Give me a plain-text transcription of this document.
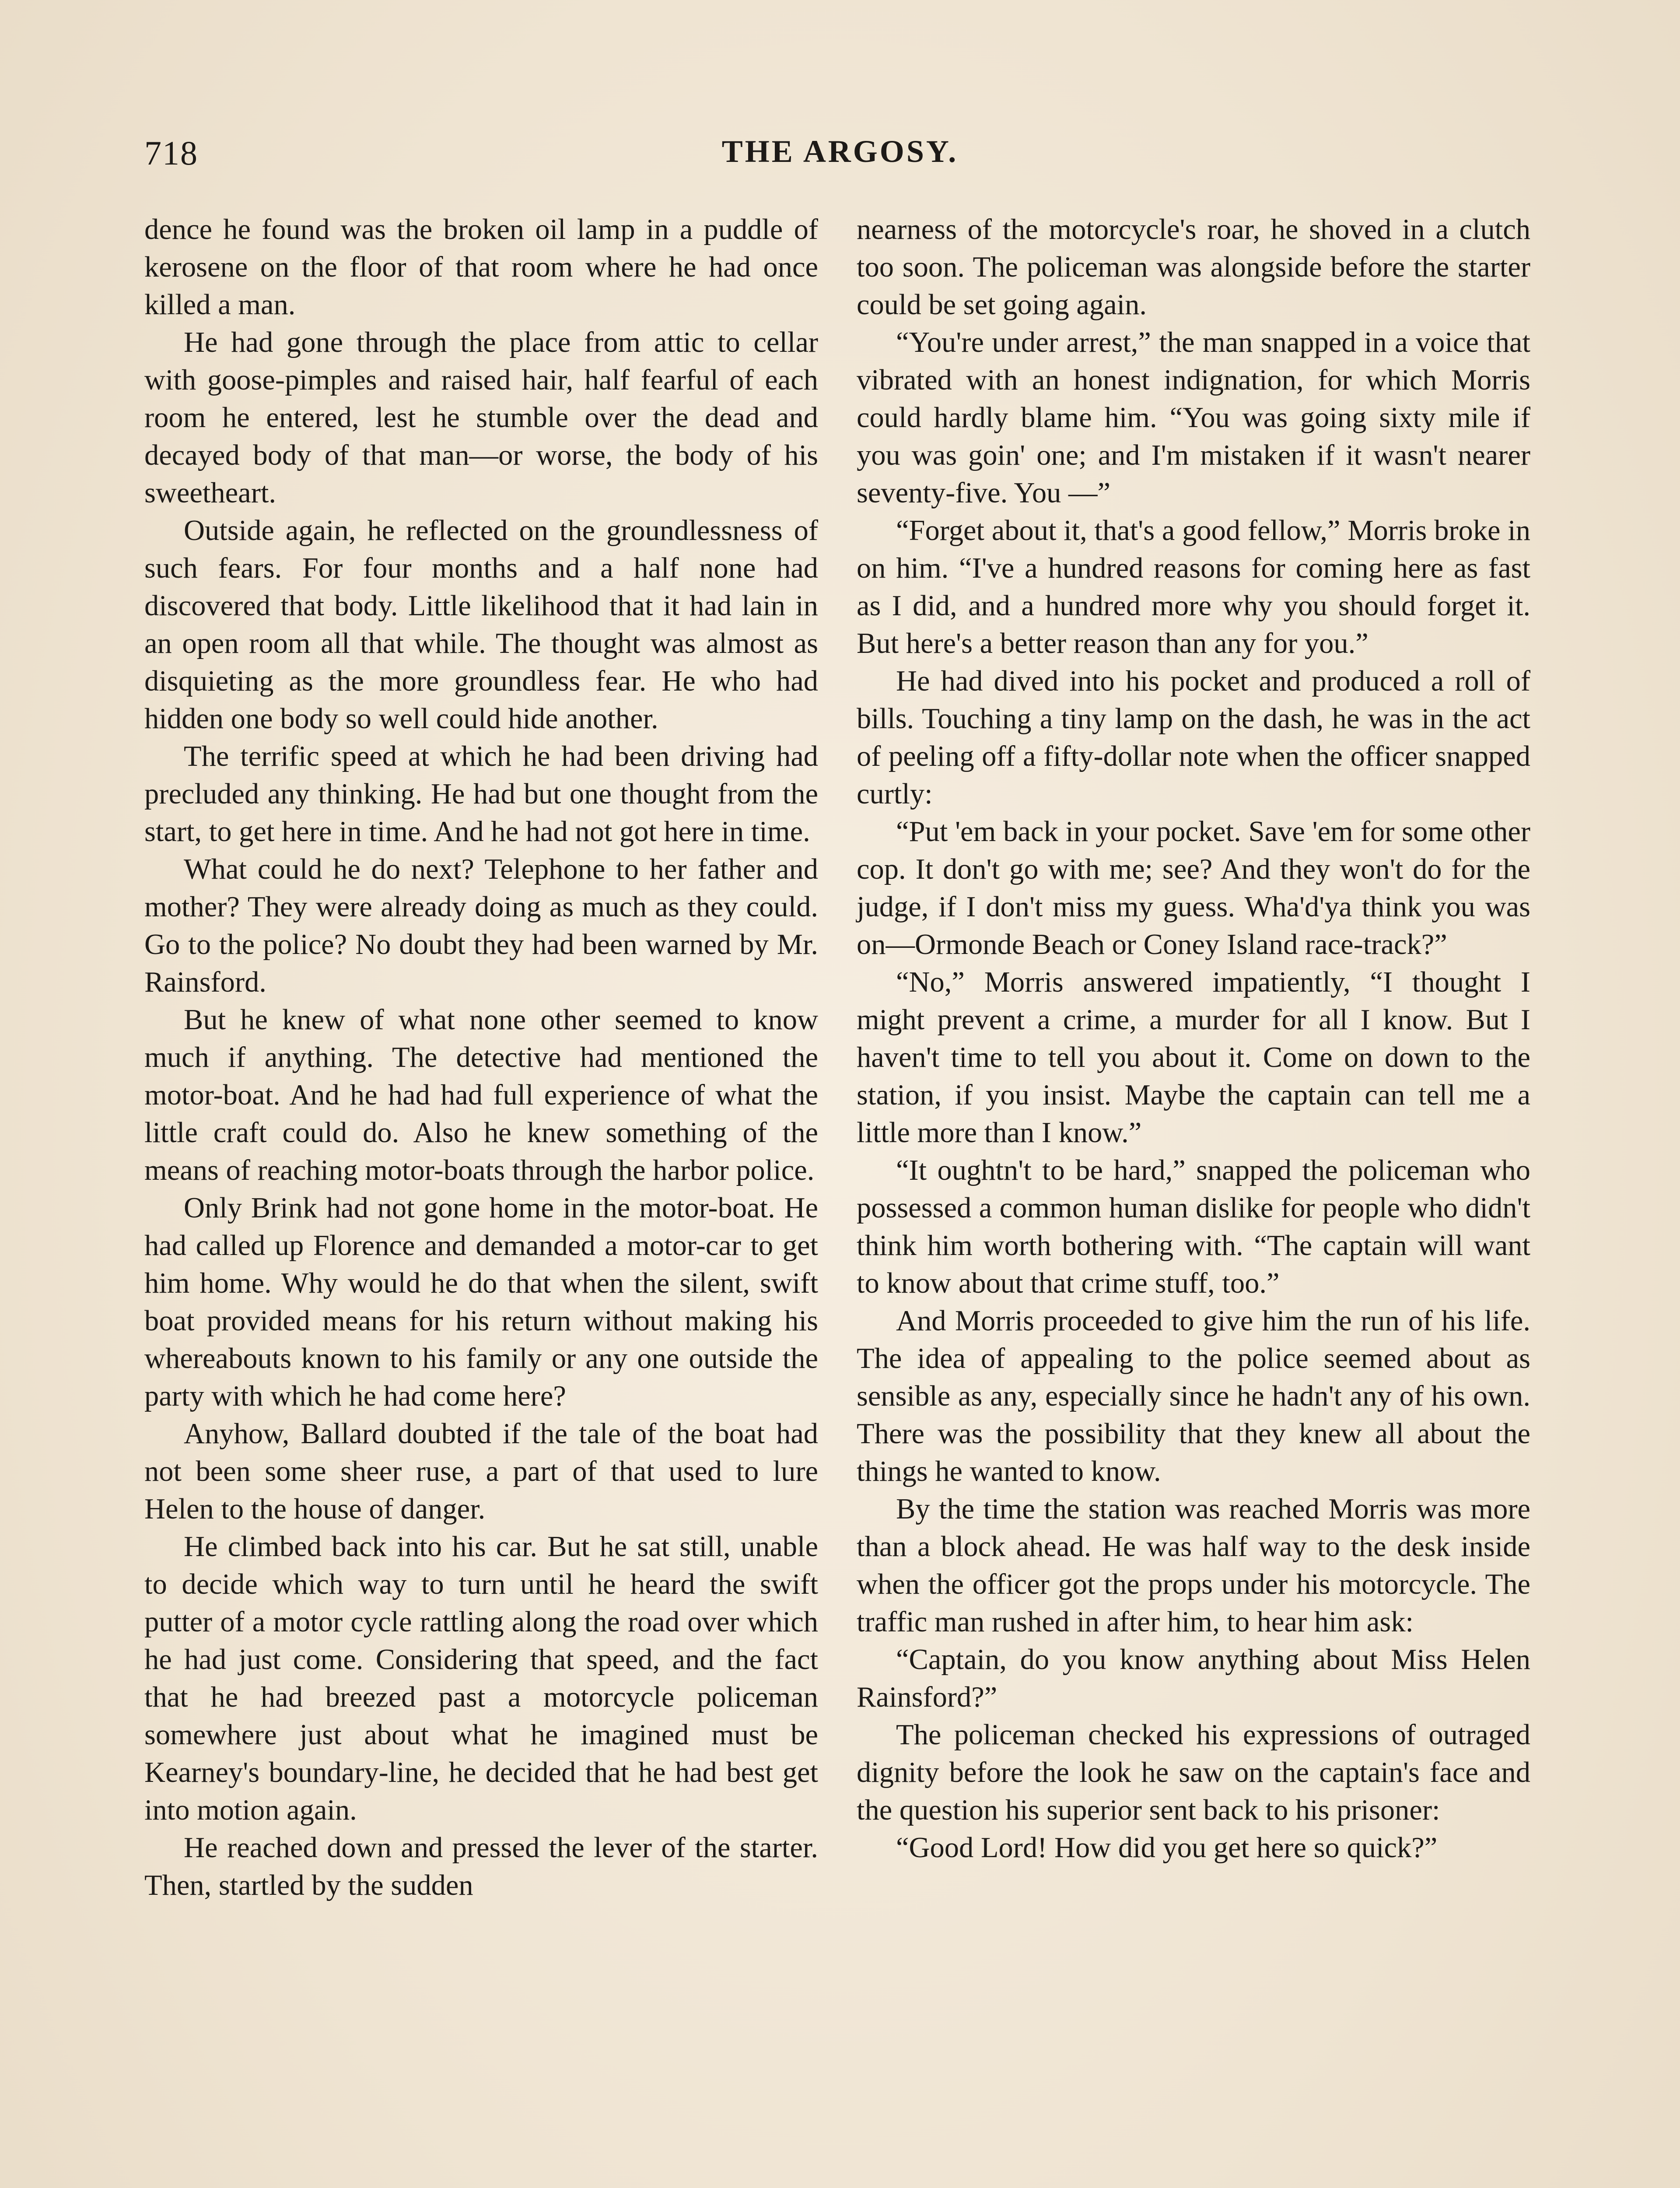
718	THE ARGOSY.

dence he found was the broken oil lamp in a puddle of kerosene on the floor of that room where he had once killed a man.

He had gone through the place from attic to cellar with goose-pimples and raised hair, half fearful of each room he entered, lest he stumble over the dead and decayed body of that man—or worse, the body of his sweetheart.

Outside again, he reflected on the groundlessness of such fears. For four months and a half none had discovered that body. Little likelihood that it had lain in an open room all that while. The thought was almost as disquieting as the more groundless fear. He who had hidden one body so well could hide another.

The terrific speed at which he had been driving had precluded any thinking. He had but one thought from the start, to get here in time. And he had not got here in time.

What could he do next? Telephone to her father and mother? They were already doing as much as they could. Go to the police? No doubt they had been warned by Mr. Rainsford.

But he knew of what none other seemed to know much if anything. The detective had mentioned the motor-boat. And he had had full experience of what the little craft could do. Also he knew something of the means of reaching motor-boats through the harbor police.

Only Brink had not gone home in the motor-boat. He had called up Florence and demanded a motor-car to get him home. Why would he do that when the silent, swift boat provided means for his return without making his whereabouts known to his family or any one outside the party with which he had come here?

Anyhow, Ballard doubted if the tale of the boat had not been some sheer ruse, a part of that used to lure Helen to the house of danger.

He climbed back into his car. But he sat still, unable to decide which way to turn until he heard the swift putter of a motor cycle rattling along the road over which he had just come. Considering that speed, and the fact that he had breezed past a motorcycle policeman somewhere just about what he imagined must be Kearney's boundary-line, he decided that he had best get into motion again.

He reached down and pressed the lever of the starter. Then, startled by the sudden

nearness of the motorcycle's roar, he shoved in a clutch too soon. The policeman was alongside before the starter could be set going again.

“You're under arrest,” the man snapped in a voice that vibrated with an honest indignation, for which Morris could hardly blame him. “You was going sixty mile if you was goin' one; and I'm mistaken if it wasn't nearer seventy-five. You —”

“Forget about it, that's a good fellow,” Morris broke in on him. “I've a hundred reasons for coming here as fast as I did, and a hundred more why you should forget it. But here's a better reason than any for you.”

He had dived into his pocket and produced a roll of bills. Touching a tiny lamp on the dash, he was in the act of peeling off a fifty-dollar note when the officer snapped curtly:

“Put 'em back in your pocket. Save 'em for some other cop. It don't go with me; see? And they won't do for the judge, if I don't miss my guess. Wha'd'ya think you was on—Ormonde Beach or Coney Island race-track?”

“No,” Morris answered impatiently, “I thought I might prevent a crime, a murder for all I know. But I haven't time to tell you about it. Come on down to the station, if you insist. Maybe the captain can tell me a little more than I know.”

“It oughtn't to be hard,” snapped the policeman who possessed a common human dislike for people who didn't think him worth bothering with. “The captain will want to know about that crime stuff, too.”

And Morris proceeded to give him the run of his life. The idea of appealing to the police seemed about as sensible as any, especially since he hadn't any of his own. There was the possibility that they knew all about the things he wanted to know.

By the time the station was reached Morris was more than a block ahead. He was half way to the desk inside when the officer got the props under his motorcycle. The traffic man rushed in after him, to hear him ask:

“Captain, do you know anything about Miss Helen Rainsford?”

The policeman checked his expressions of outraged dignity before the look he saw on the captain's face and the question his superior sent back to his prisoner:

“Good Lord! How did you get here so quick?”
